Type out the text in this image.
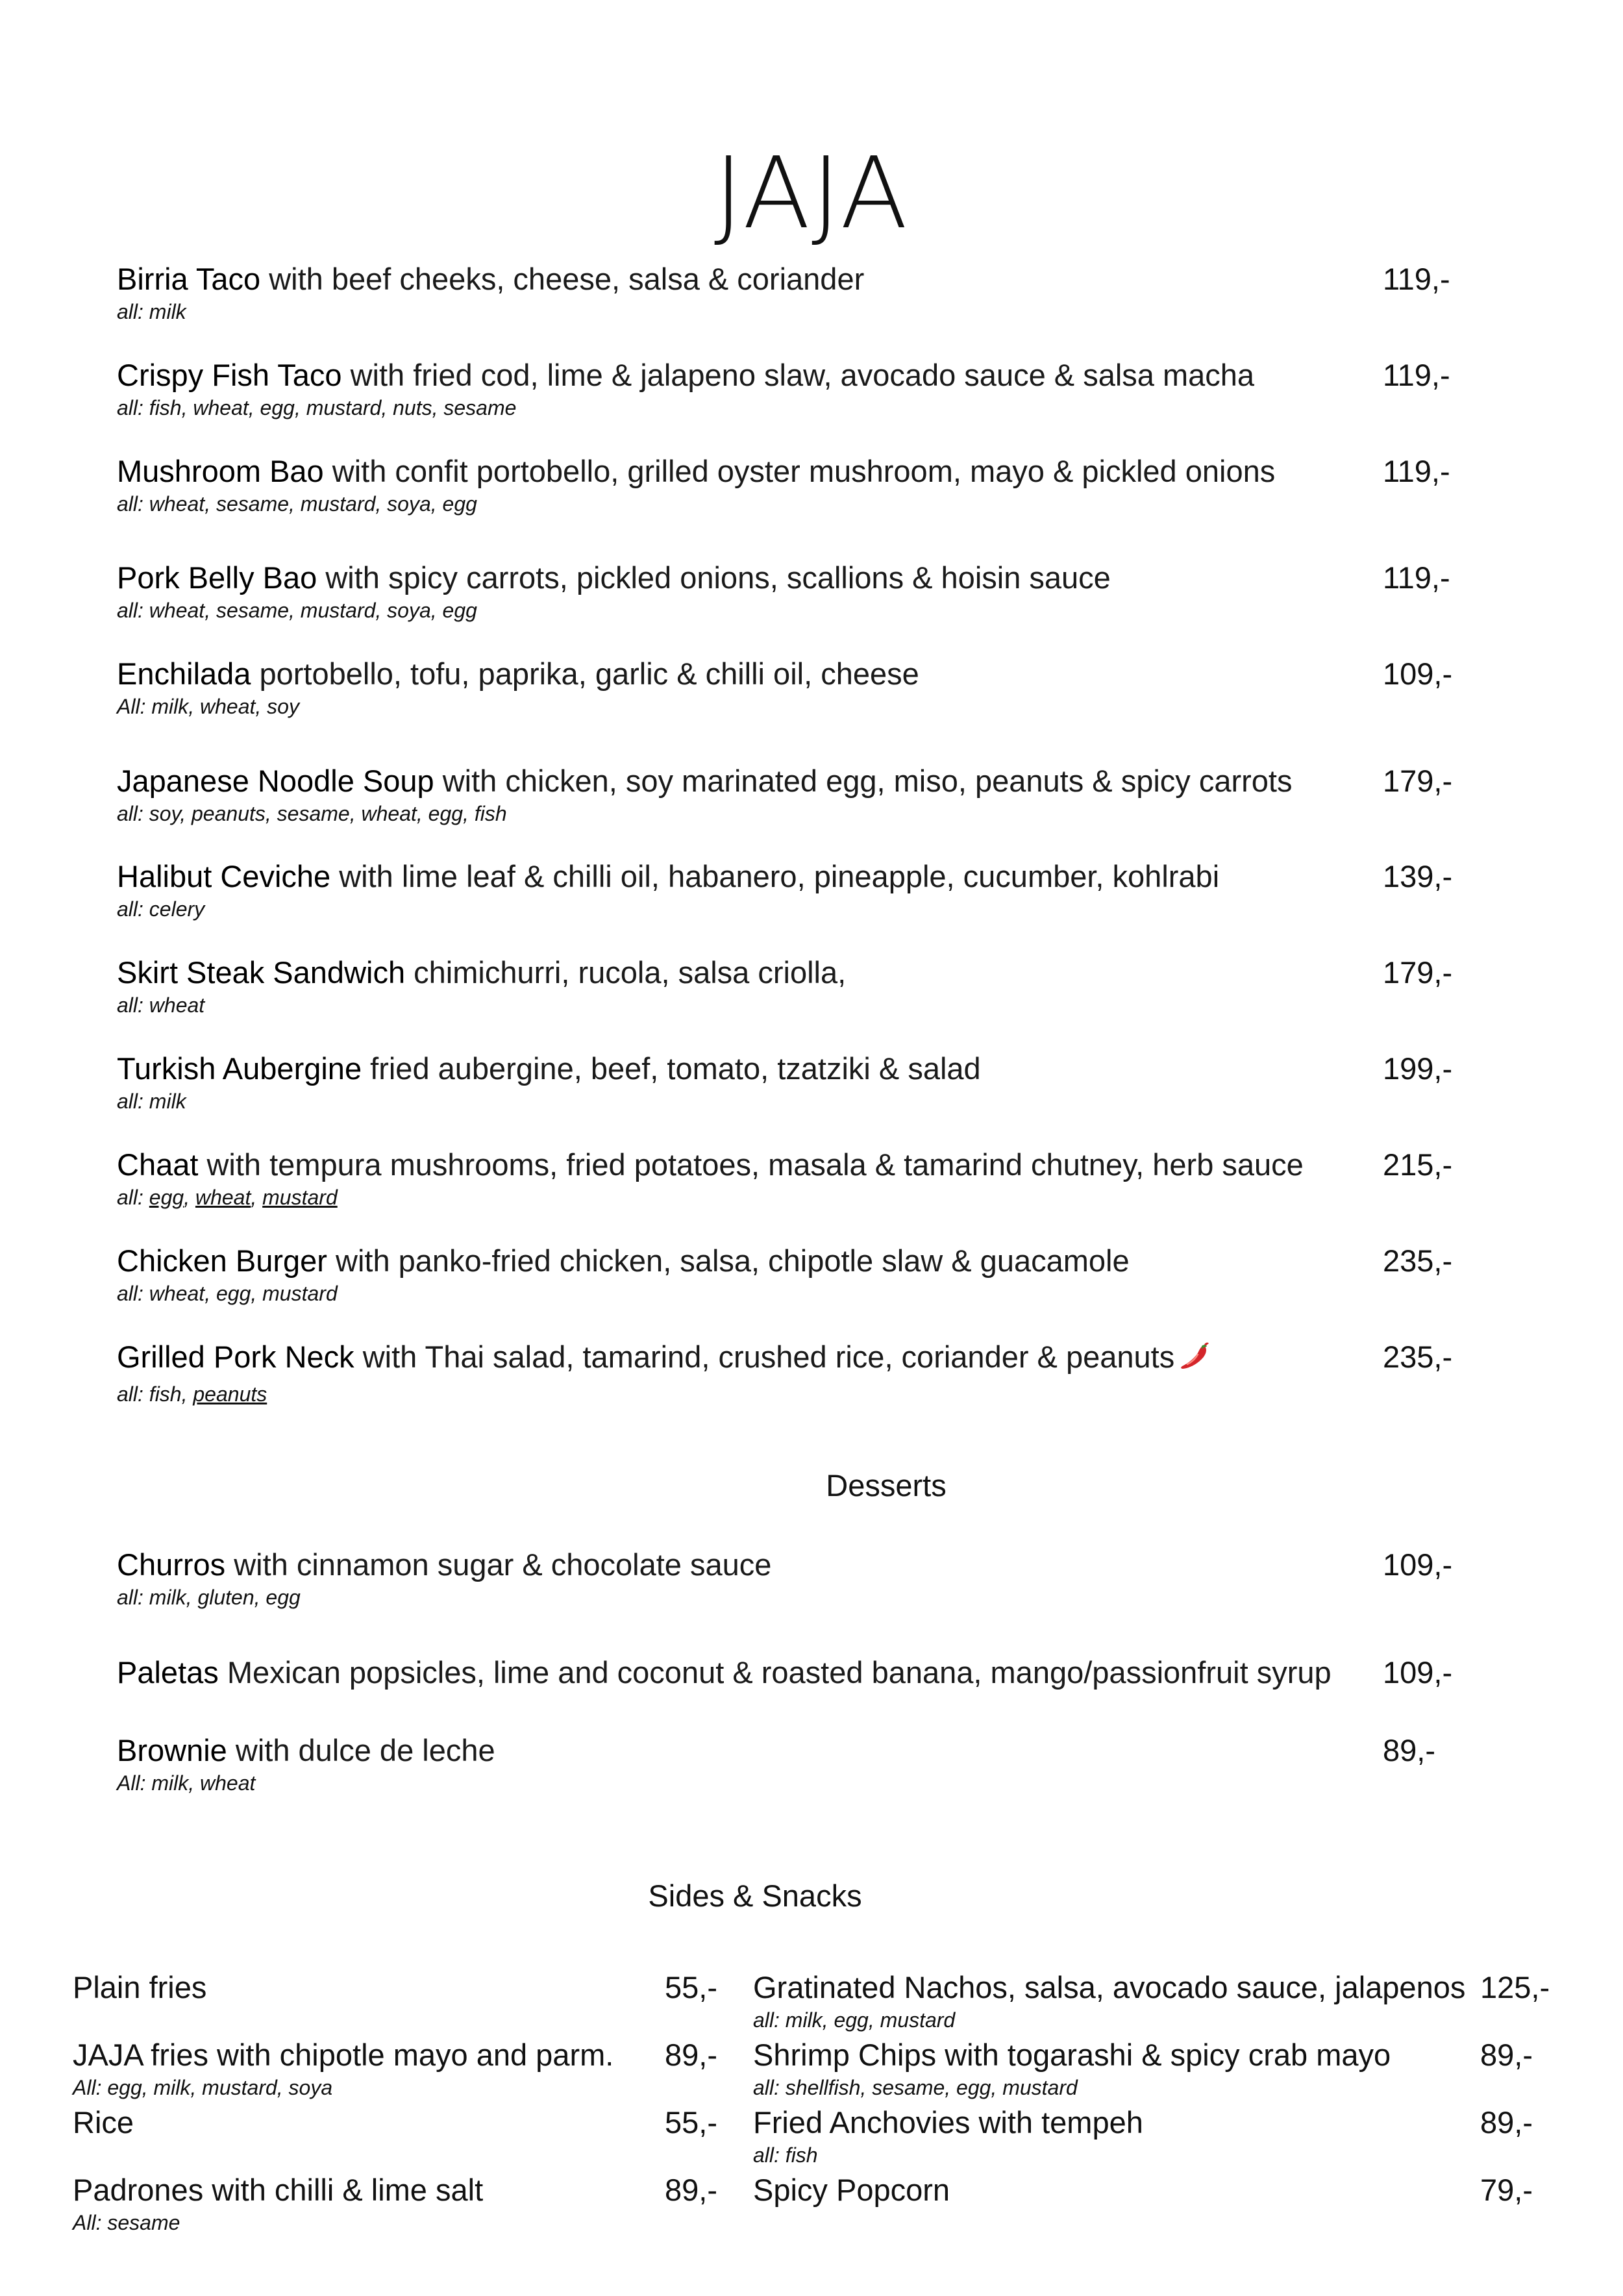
JAJA
Birria Taco with beef cheeks, cheese, salsa & coriander
all: milk
119,-
Crispy Fish Taco with fried cod, lime & jalapeno slaw, avocado sauce & salsa macha
all: fish, wheat, egg, mustard, nuts, sesame
119,-
Mushroom Bao with confit portobello, grilled oyster mushroom, mayo & pickled onions
all: wheat, sesame, mustard, soya, egg
119,-
Pork Belly Bao with spicy carrots, pickled onions, scallions & hoisin sauce
all: wheat, sesame, mustard, soya, egg
119,-
Enchilada portobello, tofu, paprika, garlic & chilli oil, cheese
All: milk, wheat, soy
109,-
Japanese Noodle Soup with chicken, soy marinated egg, miso, peanuts & spicy carrots
all: soy, peanuts, sesame, wheat, egg, fish
179,-
Halibut Ceviche with lime leaf & chilli oil, habanero, pineapple, cucumber, kohlrabi
all: celery
139,-
Skirt Steak Sandwich chimichurri, rucola, salsa criolla,
all: wheat
179,-
Turkish Aubergine fried aubergine, beef, tomato, tzatziki & salad
all: milk
199,-
Chaat with tempura mushrooms, fried potatoes, masala & tamarind chutney, herb sauce
all: egg, wheat, mustard
215,-
Chicken Burger with panko-fried chicken, salsa, chipotle slaw & guacamole
all: wheat, egg, mustard
235,-
Grilled Pork Neck with Thai salad, tamarind, crushed rice, coriander & peanuts
all: fish, peanuts
235,-
Desserts
Churros with cinnamon sugar & chocolate sauce
all: milk, gluten, egg
109,-
Paletas Mexican popsicles, lime and coconut & roasted banana, mango/passionfruit syrup	109,-
Brownie with dulce de leche
All: milk, wheat
89,-
Sides & Snacks
Plain fries	55,-
JAJA fries with chipotle mayo and parm.
All: egg, milk, mustard, soya
89,-
Rice	55,-
Padrones with chilli & lime salt
All: sesame
89,-
Gratinated Nachos, salsa, avocado sauce, jalapenos
all: milk, egg, mustard
125,-
Shrimp Chips with togarashi & spicy crab mayo
all: shellfish, sesame, egg, mustard
89,-
Fried Anchovies with tempeh
all: fish
89,-
Spicy Popcorn	79,-
